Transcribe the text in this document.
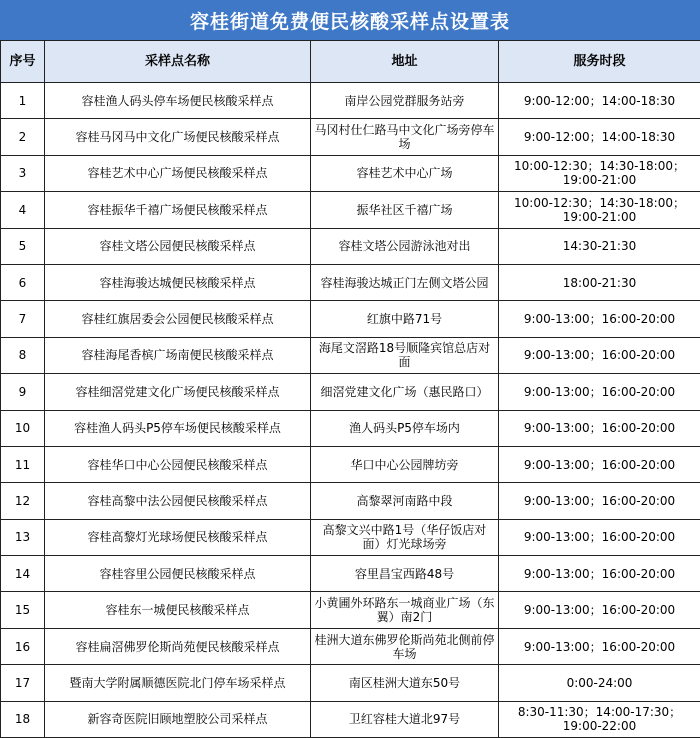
容桂街道免费便民核酸采样点设置表
序号	采样点名称	地址	服务时段
1	容桂渔人码头停车场便民核酸采样点	南岸公园党群服务站旁	9:00-12:00；14:00-18:30
2	容桂马冈马中文化广场便民核酸采样点	马冈村仕仁路马中文化广场旁停车场	9:00-12:00；14:00-18:30
3	容桂艺术中心广场便民核酸采样点	容桂艺术中心广场	10:00-12:30；14:30-18:00；19:00-21:00
4	容桂振华千禧广场便民核酸采样点	振华社区千禧广场	10:00-12:30；14:30-18:00；19:00-21:00
5	容桂文塔公园便民核酸采样点	容桂文塔公园游泳池对出	14:30-21:30
6	容桂海骏达城便民核酸采样点	容桂海骏达城正门左侧文塔公园	18:00-21:30
7	容桂红旗居委会公园便民核酸采样点	红旗中路71号	9:00-13:00；16:00-20:00
8	容桂海尾香槟广场南便民核酸采样点	海尾文滘路18号顺隆宾馆总店对面	9:00-13:00；16:00-20:00
9	容桂细滘党建文化广场便民核酸采样点	细滘党建文化广场（惠民路口）	9:00-13:00；16:00-20:00
10	容桂渔人码头P5停车场便民核酸采样点	渔人码头P5停车场内	9:00-13:00；16:00-20:00
11	容桂华口中心公园便民核酸采样点	华口中心公园牌坊旁	9:00-13:00；16:00-20:00
12	容桂高黎中法公园便民核酸采样点	高黎翠河南路中段	9:00-13:00；16:00-20:00
13	容桂高黎灯光球场便民核酸采样点	高黎文兴中路1号（华仔饭店对面）灯光球场旁	9:00-13:00；16:00-20:00
14	容桂容里公园便民核酸采样点	容里昌宝西路48号	9:00-13:00；16:00-20:00
15	容桂东一城便民核酸采样点	小黄圃外环路东一城商业广场（东翼）南2门	9:00-13:00；16:00-20:00
16	容桂扁滘佛罗伦斯尚苑便民核酸采样点	桂洲大道东佛罗伦斯尚苑北侧前停车场	9:00-13:00；16:00-20:00
17	暨南大学附属顺德医院北门停车场采样点	南区桂洲大道东50号	0:00-24:00
18	新容奇医院旧顾地塑胶公司采样点	卫红容桂大道北97号	8:30-11:30；14:00-17:30；19:00-22:00
